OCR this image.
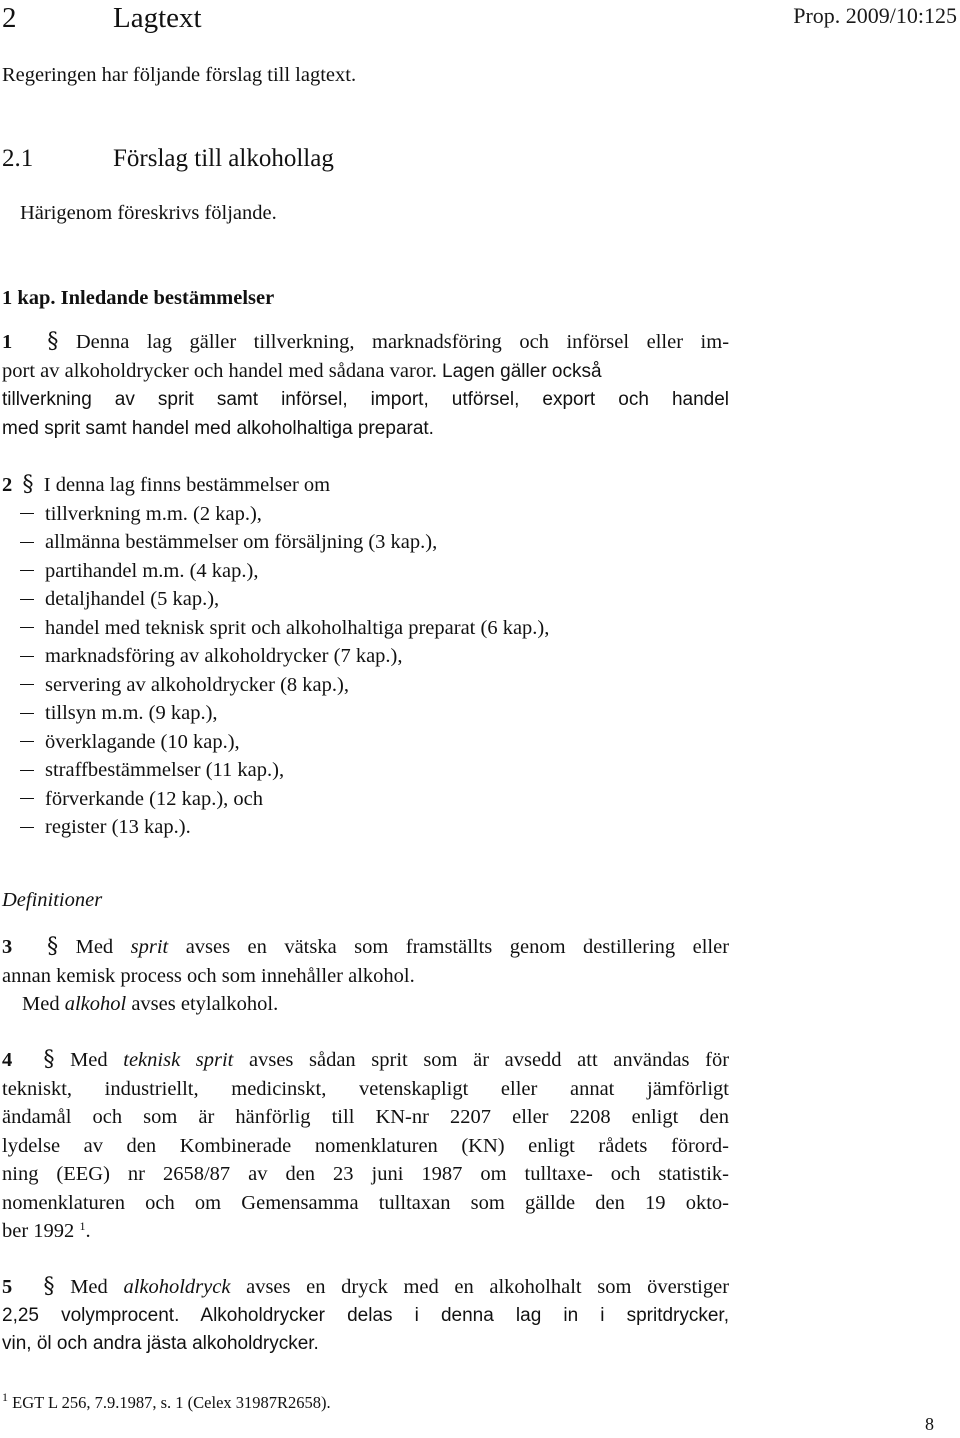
2	Lagtext	Prop. 2009/10:125
Regeringen har följande förslag till lagtext.
2.1	Förslag till alkohollag
Härigenom föreskrivs följande.
1 kap. Inledande bestämmelser
1 § Denna lag gäller tillverkning, marknadsföring och införsel eller im-
port av alkoholdrycker och handel med sådana varor. Lagen gäller också
tillverkning av sprit samt införsel, import, utförsel, export och handel
med sprit samt handel med alkoholhaltiga preparat.
2 § I denna lag finns bestämmelser om
tillverkning m.m. (2 kap.),
allmänna bestämmelser om försäljning (3 kap.),
partihandel m.m. (4 kap.),
detaljhandel (5 kap.),
handel med teknisk sprit och alkoholhaltiga preparat (6 kap.),
marknadsföring av alkoholdrycker (7 kap.),
servering av alkoholdrycker (8 kap.),
tillsyn m.m. (9 kap.),
överklagande (10 kap.),
straffbestämmelser (11 kap.),
förverkande (12 kap.), och
register (13 kap.).
Definitioner
3 § Med sprit avses en vätska som framställts genom destillering eller
annan kemisk process och som innehåller alkohol.
Med alkohol avses etylalkohol.
4 § Med teknisk sprit avses sådan sprit som är avsedd att användas för
tekniskt, industriellt, medicinskt, vetenskapligt eller annat jämförligt
ändamål och som är hänförlig till KN-nr 2207 eller 2208 enligt den
lydelse av den Kombinerade nomenklaturen (KN) enligt rådets förord-
ning (EEG) nr 2658/87 av den 23 juni 1987 om tulltaxe- och statistik-
nomenklaturen och om Gemensamma tulltaxan som gällde den 19 okto-
ber 1992 $^1$.
5 § Med alkoholdryck avses en dryck med en alkoholhalt som överstiger
2,25 volymprocent. Alkoholdrycker delas i denna lag in i spritdrycker,
vin, öl och andra jästa alkoholdrycker.
$^1$ EGT L 256, 7.9.1987, s. 1 (Celex 31987R2658).
8
